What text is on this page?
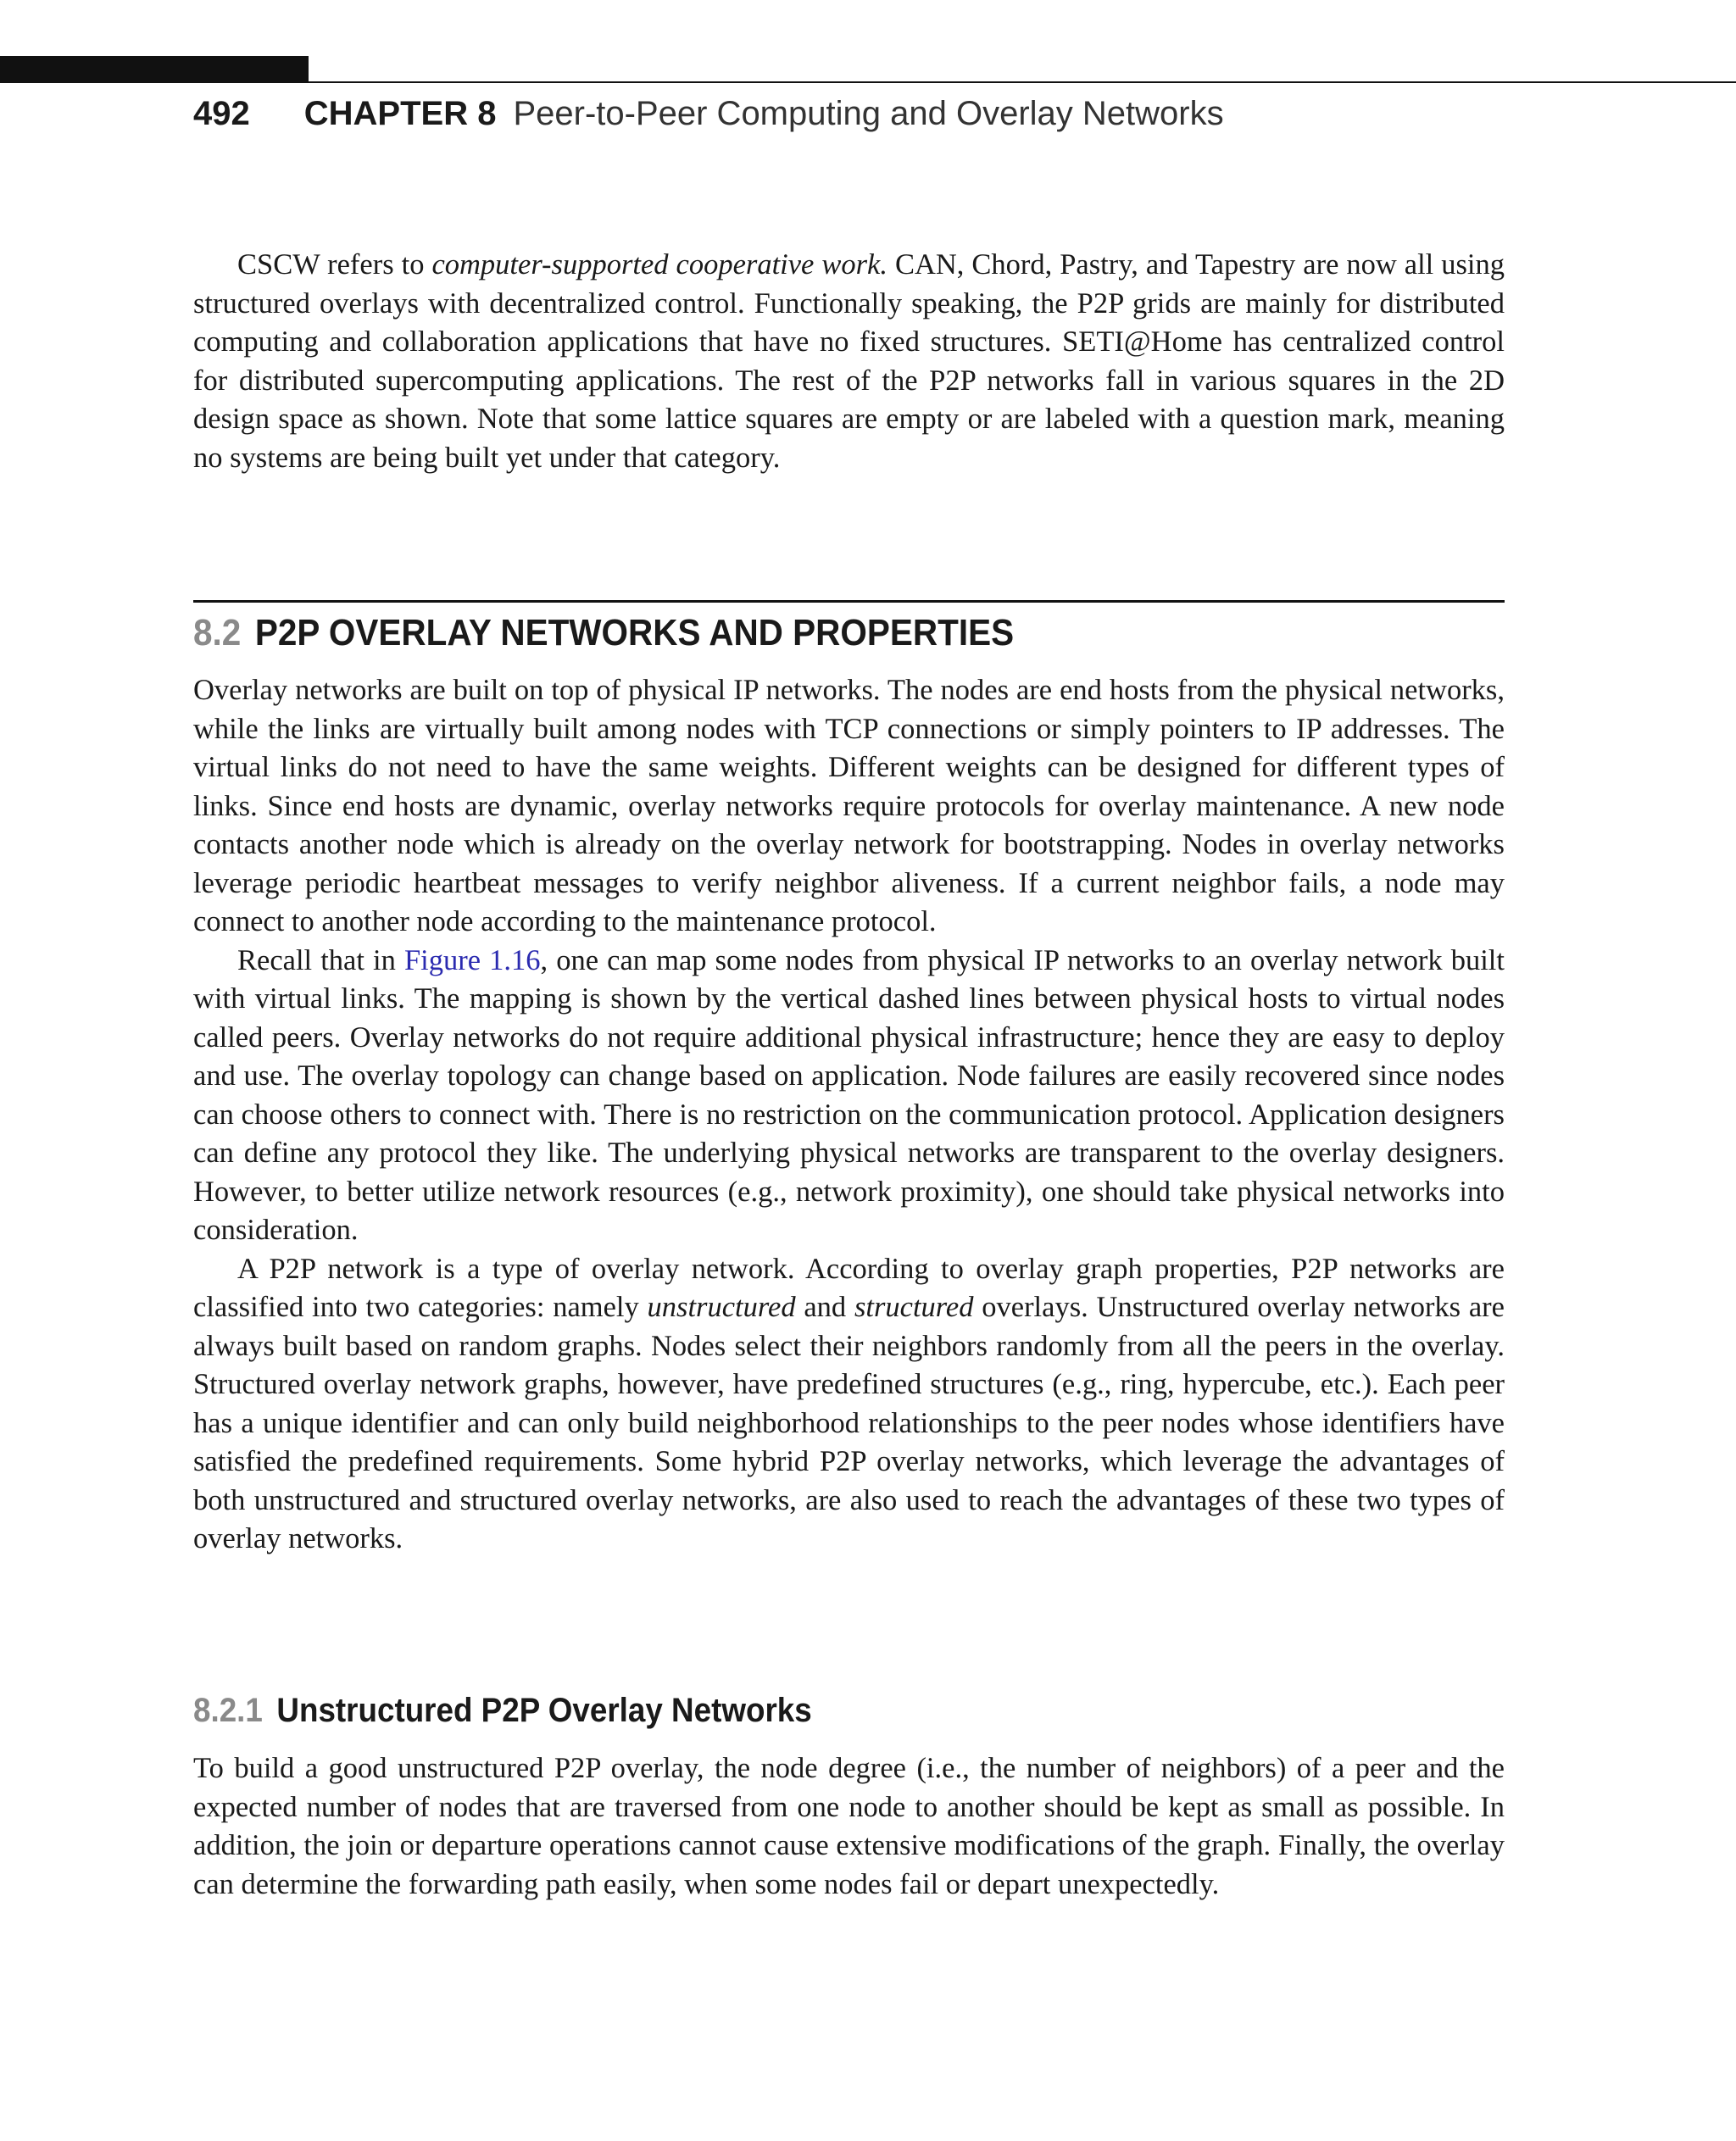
492 CHAPTER 8 Peer-to-Peer Computing and Overlay Networks

CSCW refers to computer-supported cooperative work. CAN, Chord, Pastry, and Tapestry are now all using structured overlays with decentralized control. Functionally speaking, the P2P grids are mainly for distributed computing and collaboration applications that have no fixed structures. SETI@Home has centralized control for distributed supercomputing applications. The rest of the P2P networks fall in various squares in the 2D design space as shown. Note that some lattice squares are empty or are labeled with a question mark, meaning no systems are being built yet under that category.

8.2 P2P OVERLAY NETWORKS AND PROPERTIES

Overlay networks are built on top of physical IP networks. The nodes are end hosts from the physical networks, while the links are virtually built among nodes with TCP connections or simply pointers to IP addresses. The virtual links do not need to have the same weights. Different weights can be designed for different types of links. Since end hosts are dynamic, overlay networks require protocols for overlay maintenance. A new node contacts another node which is already on the overlay network for bootstrapping. Nodes in overlay networks leverage periodic heartbeat messages to verify neighbor aliveness. If a current neighbor fails, a node may connect to another node according to the maintenance protocol.

Recall that in Figure 1.16, one can map some nodes from physical IP networks to an overlay network built with virtual links. The mapping is shown by the vertical dashed lines between physical hosts to virtual nodes called peers. Overlay networks do not require additional physical infrastructure; hence they are easy to deploy and use. The overlay topology can change based on application. Node failures are easily recovered since nodes can choose others to connect with. There is no restriction on the communication protocol. Application designers can define any protocol they like. The underlying physical networks are transparent to the overlay designers. However, to better utilize network resources (e.g., network proximity), one should take physical networks into consideration.

A P2P network is a type of overlay network. According to overlay graph properties, P2P networks are classified into two categories: namely unstructured and structured overlays. Unstructured overlay networks are always built based on random graphs. Nodes select their neighbors randomly from all the peers in the overlay. Structured overlay network graphs, however, have predefined structures (e.g., ring, hypercube, etc.). Each peer has a unique identifier and can only build neighborhood relationships to the peer nodes whose identifiers have satisfied the predefined requirements. Some hybrid P2P overlay networks, which leverage the advantages of both unstructured and structured overlay networks, are also used to reach the advantages of these two types of overlay networks.

8.2.1 Unstructured P2P Overlay Networks

To build a good unstructured P2P overlay, the node degree (i.e., the number of neighbors) of a peer and the expected number of nodes that are traversed from one node to another should be kept as small as possible. In addition, the join or departure operations cannot cause extensive modifications of the graph. Finally, the overlay can determine the forwarding path easily, when some nodes fail or depart unexpectedly.
